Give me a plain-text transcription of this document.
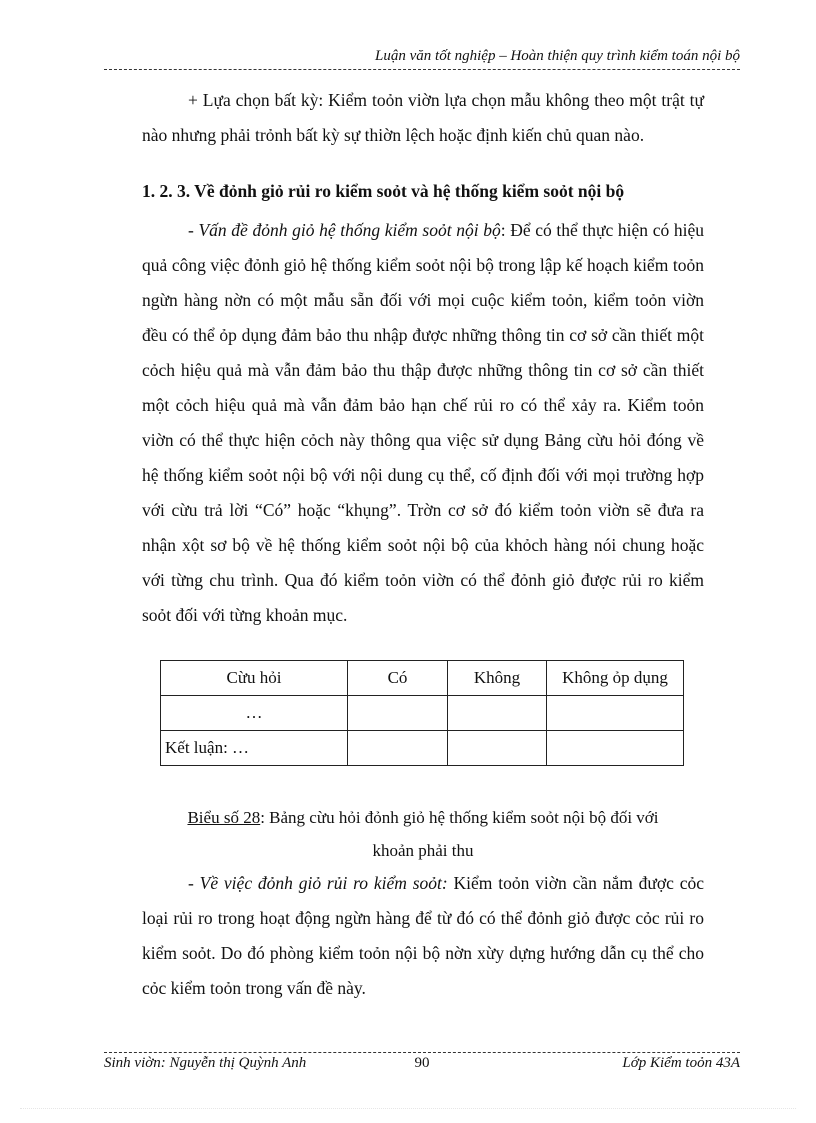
Luận văn tốt nghiệp – Hoàn thiện quy trình kiểm toán nội bộ

+ Lựa chọn bất kỳ: Kiểm toỏn viờn lựa chọn mẫu không theo một trật tự nào nhưng phải trỏnh bất kỳ sự thiờn lệch hoặc định kiến chủ quan nào.

1. 2. 3. Về đỏnh giỏ rủi ro kiểm soỏt và hệ thống kiểm soỏt nội bộ

- Vấn đề đỏnh giỏ hệ thống kiểm soỏt nội bộ: Để có thể thực hiện có hiệu quả công việc đỏnh giỏ hệ thống kiểm soỏt nội bộ trong lập kế hoạch kiểm toỏn ngừn hàng nờn có một mẫu sẵn đối với mọi cuộc kiểm toỏn, kiểm toỏn viờn đều có thể ỏp dụng đảm bảo thu nhập được những thông tin cơ sở cần thiết một cỏch hiệu quả mà vẫn đảm bảo thu thập được những thông tin cơ sở cần thiết một cỏch hiệu quả mà vẫn đảm bảo hạn chế rủi ro có thể xảy ra. Kiểm toỏn viờn có thể thực hiện cỏch này thông qua việc sử dụng Bảng cừu hỏi đóng về hệ thống kiểm soỏt nội bộ với nội dung cụ thể, cố định đối với mọi trường hợp với cừu trả lời “Có” hoặc “khụng”. Trờn cơ sở đó kiểm toỏn viờn sẽ đưa ra nhận xột sơ bộ về hệ thống kiểm soỏt nội bộ của khỏch hàng nói chung hoặc với từng chu trình. Qua đó kiểm toỏn viờn có thể đỏnh giỏ được rủi ro kiểm soỏt đối với từng khoản mục.

Cừu hỏi	Có	Không	Không ỏp dụng
…			
Kết luận: …			

Biểu số 28: Bảng cừu hỏi đỏnh giỏ hệ thống kiểm soỏt nội bộ đối với
khoản phải thu

- Về việc đỏnh giỏ rủi ro kiểm soỏt: Kiểm toỏn viờn cần nắm được cỏc loại rủi ro trong hoạt động ngừn hàng để từ đó có thể đỏnh giỏ được cỏc rủi ro kiểm soỏt. Do đó phòng kiểm toỏn nội bộ nờn xừy dựng hướng dẫn cụ thể cho cỏc kiểm toỏn trong vấn đề này.

Sinh viờn: Nguyễn thị Quỳnh Anh	90	Lớp Kiểm toỏn 43A
